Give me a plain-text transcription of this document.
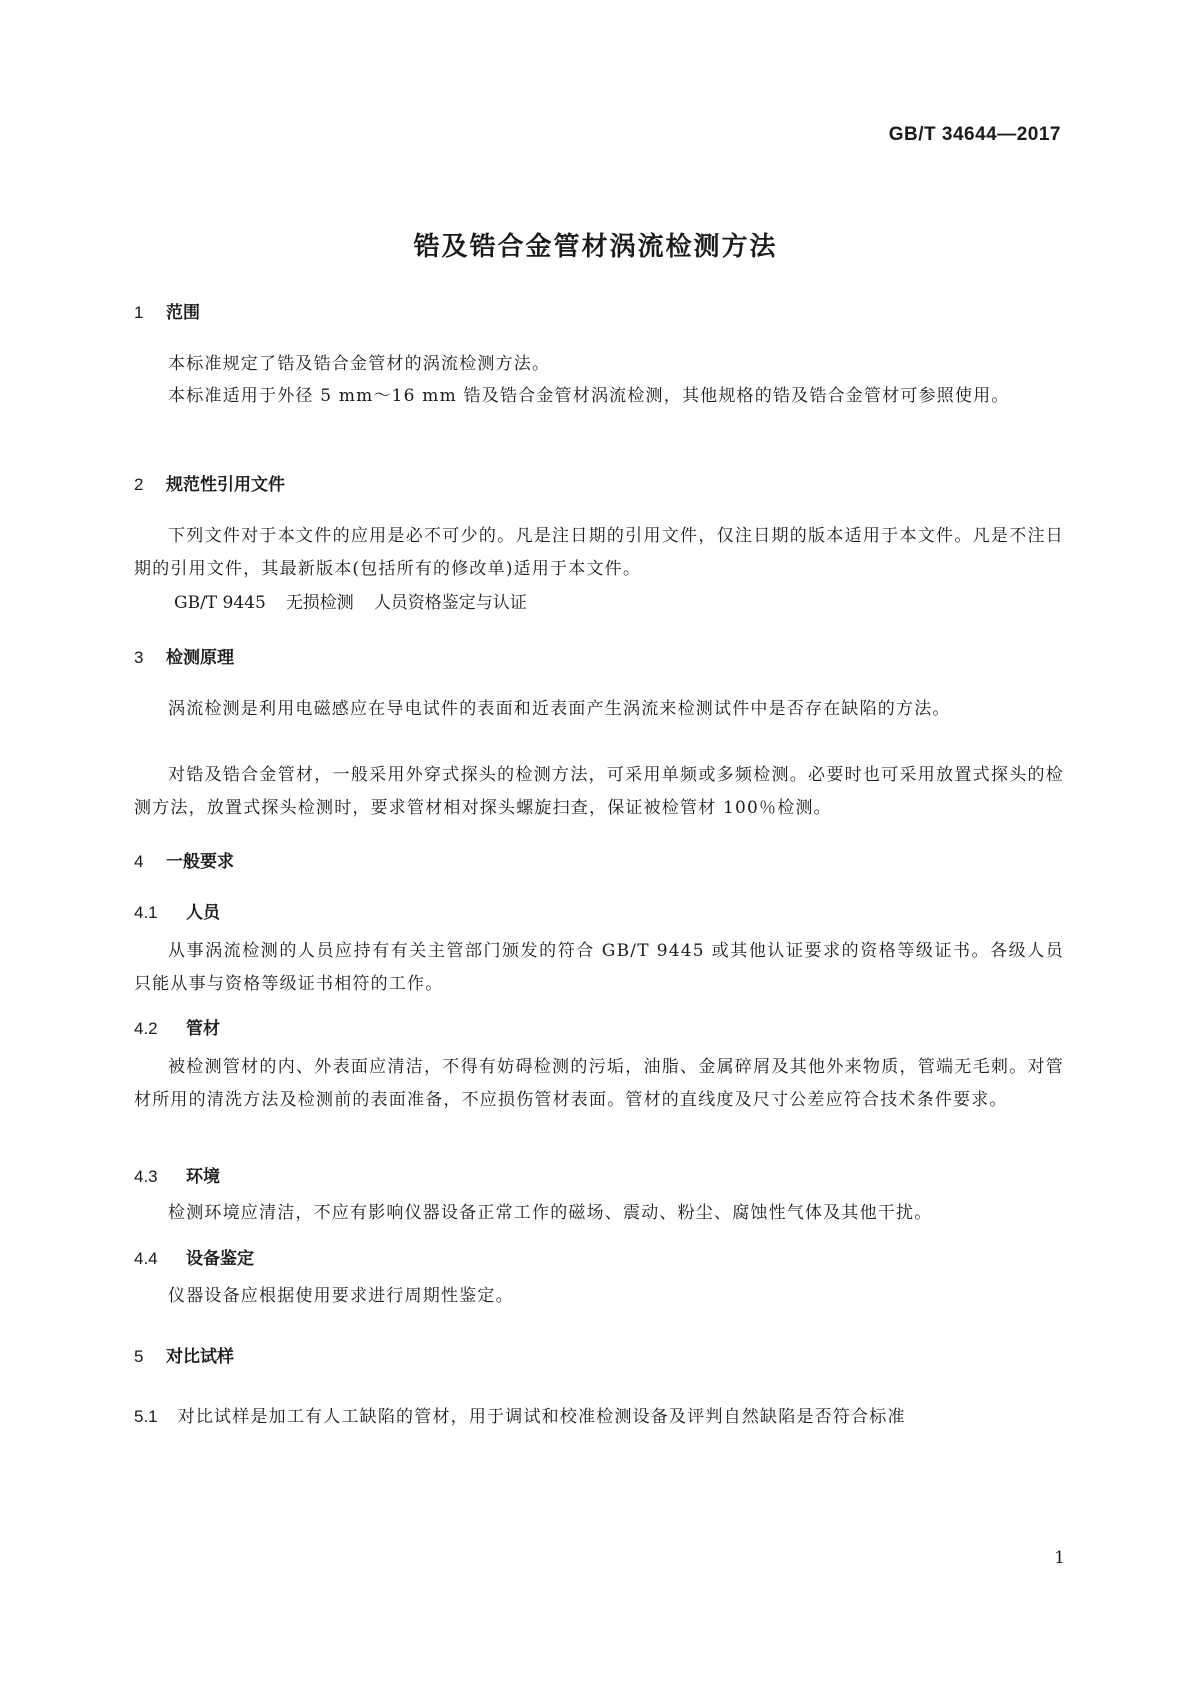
GB/T 34644—2017
锆及锆合金管材涡流检测方法
1 范围
本标准规定了锆及锆合金管材的涡流检测方法。
本标准适用于外径 5 mm～16 mm 锆及锆合金管材涡流检测，其他规格的锆及锆合金管材可参照使用。
2 规范性引用文件
下列文件对于本文件的应用是必不可少的。凡是注日期的引用文件，仅注日期的版本适用于本文件。凡是不注日期的引用文件，其最新版本(包括所有的修改单)适用于本文件。
GB/T 9445 无损检测 人员资格鉴定与认证
3 检测原理
涡流检测是利用电磁感应在导电试件的表面和近表面产生涡流来检测试件中是否存在缺陷的方法。
对锆及锆合金管材，一般采用外穿式探头的检测方法，可采用单频或多频检测。必要时也可采用放置式探头的检测方法，放置式探头检测时，要求管材相对探头螺旋扫查，保证被检管材 100％检测。
4 一般要求
4.1 人员
从事涡流检测的人员应持有有关主管部门颁发的符合 GB/T 9445 或其他认证要求的资格等级证书。各级人员只能从事与资格等级证书相符的工作。
4.2 管材
被检测管材的内、外表面应清洁，不得有妨碍检测的污垢，油脂、金属碎屑及其他外来物质，管端无毛刺。对管材所用的清洗方法及检测前的表面准备，不应损伤管材表面。管材的直线度及尺寸公差应符合技术条件要求。
4.3 环境
检测环境应清洁，不应有影响仪器设备正常工作的磁场、震动、粉尘、腐蚀性气体及其他干扰。
4.4 设备鉴定
仪器设备应根据使用要求进行周期性鉴定。
5 对比试样
5.1 对比试样是加工有人工缺陷的管材，用于调试和校准检测设备及评判自然缺陷是否符合标准
1
